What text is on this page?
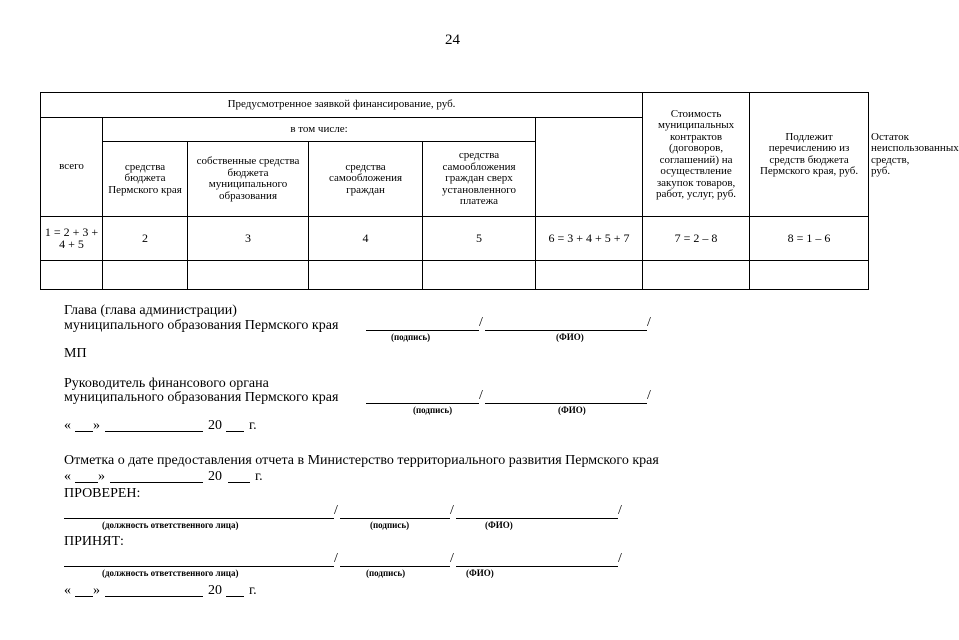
24
Предусмотренное заявкой финансирование, руб.						Стоимость муниципальных контрактов (договоров, соглашений) на осуществление закупок товаров, работ, услуг, руб.	Подлежит перечислению из средств бюджета Пермского края, руб.	Остаток неиспользованных средств, руб.
всего	в том числе:							
	средства бюджета Пермского края	собственные средства бюджета муниципального образования	средства самообложения граждан	средства самообложения граждан сверх установленного платежа				
1 = 2 + 3 + 4 + 5	2	3	4	5	6 = 3 + 4 + 5 + 7	7 = 2 – 8	8 = 1 – 6	

Глава (глава администрации)
муниципального образования Пермского края	/	/
(подпись)	(ФИО)
МП
Руководитель финансового органа
муниципального образования Пермского края	/	/
(подпись)	(ФИО)
« »	20 г.
Отметка о дате предоставления отчета в Министерство территориального развития Пермского края
« »	20 г.
ПРОВЕРЕН:
/	/	/
(должность ответственного лица)	(подпись)	(ФИО)
ПРИНЯТ:
/	/	/
(должность ответственного лица)	(подпись)	(ФИО)
« »	20 г.
